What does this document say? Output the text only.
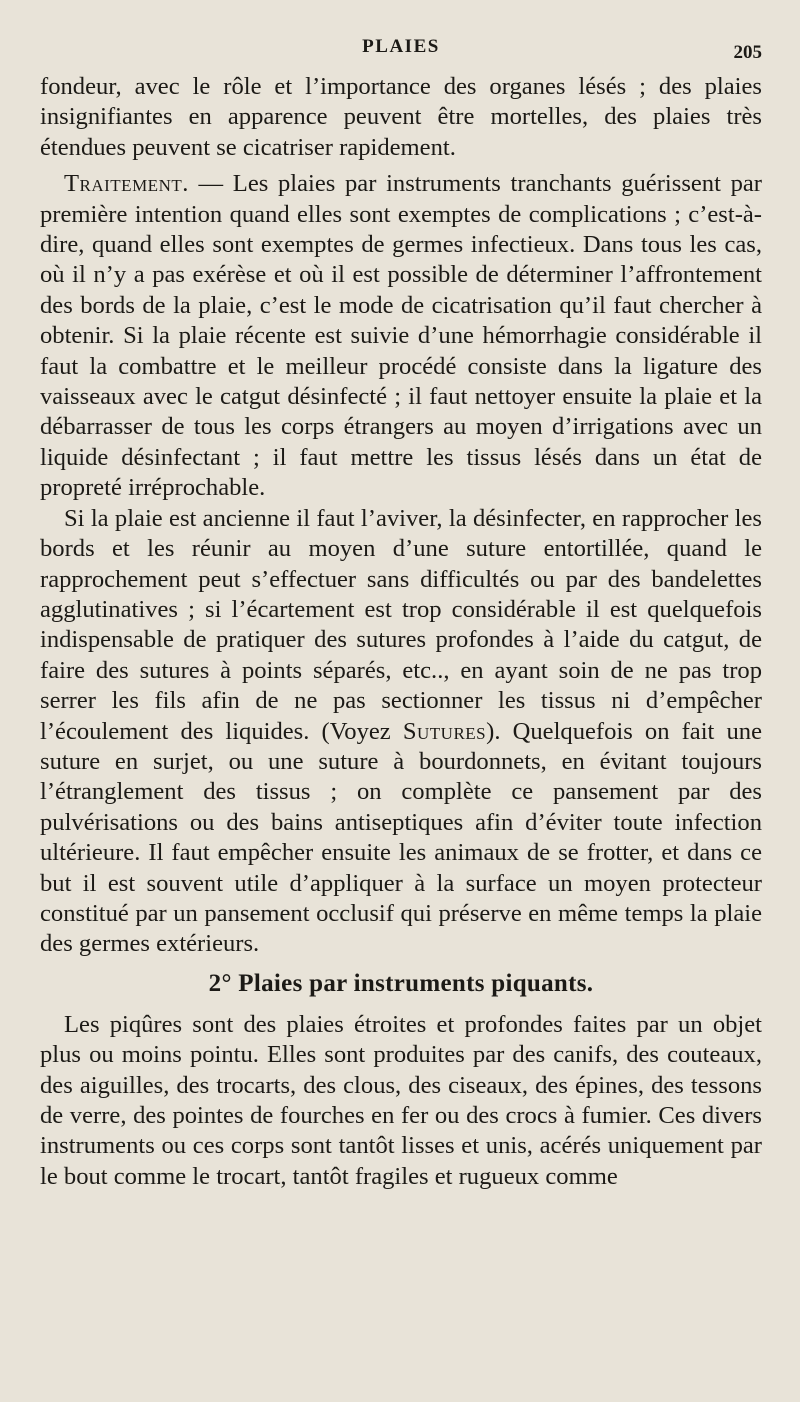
PLAIES	205

fondeur, avec le rôle et l’importance des organes lésés ; des plaies insignifiantes en apparence peuvent être mortelles, des plaies très étendues peuvent se cicatriser rapidement.

Traitement. — Les plaies par instruments tranchants guérissent par première intention quand elles sont exemptes de complications ; c’est-à-dire, quand elles sont exemptes de germes infectieux. Dans tous les cas, où il n’y a pas exérèse et où il est possible de déterminer l’affrontement des bords de la plaie, c’est le mode de cicatrisation qu’il faut chercher à obtenir. Si la plaie récente est suivie d’une hémorrhagie considérable il faut la combattre et le meilleur procédé consiste dans la ligature des vaisseaux avec le catgut désinfecté ; il faut nettoyer ensuite la plaie et la débarrasser de tous les corps étrangers au moyen d’irrigations avec un liquide désinfectant ; il faut mettre les tissus lésés dans un état de propreté irréprochable.

Si la plaie est ancienne il faut l’aviver, la désinfecter, en rapprocher les bords et les réunir au moyen d’une suture entortillée, quand le rapprochement peut s’effectuer sans difficultés ou par des bandelettes agglutinatives ; si l’écartement est trop considérable il est quelquefois indispensable de pratiquer des sutures profondes à l’aide du catgut, de faire des sutures à points séparés, etc.., en ayant soin de ne pas trop serrer les fils afin de ne pas sectionner les tissus ni d’empêcher l’écoulement des liquides. (Voyez Sutures). Quelquefois on fait une suture en surjet, ou une suture à bourdonnets, en évitant toujours l’étranglement des tissus ; on complète ce pansement par des pulvérisations ou des bains antiseptiques afin d’éviter toute infection ultérieure. Il faut empêcher ensuite les animaux de se frotter, et dans ce but il est souvent utile d’appliquer à la surface un moyen protecteur constitué par un pansement occlusif qui préserve en même temps la plaie des germes extérieurs.

2° Plaies par instruments piquants.

Les piqûres sont des plaies étroites et profondes faites par un objet plus ou moins pointu. Elles sont produites par des canifs, des couteaux, des aiguilles, des trocarts, des clous, des ciseaux, des épines, des tessons de verre, des pointes de fourches en fer ou des crocs à fumier. Ces divers instruments ou ces corps sont tantôt lisses et unis, acérés uniquement par le bout comme le trocart, tantôt fragiles et rugueux comme
